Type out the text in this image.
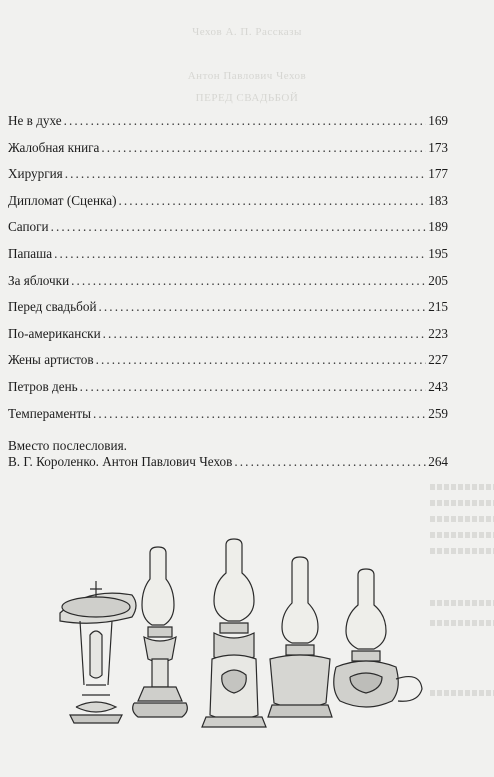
Чехов А. П. Рассказы
Антон Павлович Чехов
ПЕРЕД СВАДЬБОЙ
Не в духе . . .	169
Жалобная книга . . .	173
Хирургия . . .	177
Дипломат (Сценка) . . .	183
Сапоги . . .	189
Папаша . . .	195
За яблочки . . .	205
Перед свадьбой . . .	215
По-американски . . .	223
Жены артистов . . .	227
Петров день . . .	243
Темпераменты . . .	259
Вместо послесловия.
В. Г. Короленко. Антон Павлович Чехов . . .	264
